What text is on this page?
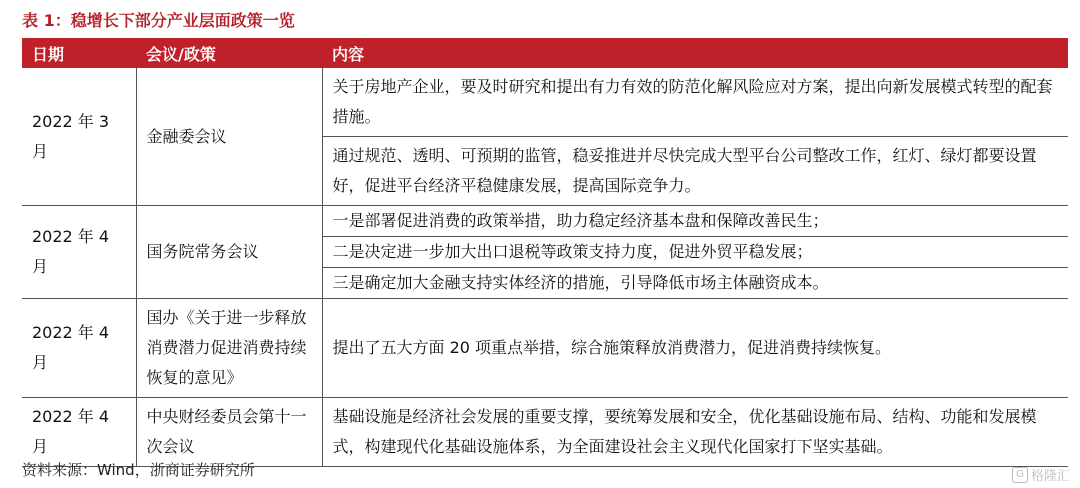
表 1：稳增长下部分产业层面政策一览
日期	会议/政策	内容
2022 年 3 月	金融委会议	关于房地产企业，要及时研究和提出有力有效的防范化解风险应对方案，提出向新发展模式转型的配套措施。
		通过规范、透明、可预期的监管，稳妥推进并尽快完成大型平台公司整改工作，红灯、绿灯都要设置好，促进平台经济平稳健康发展，提高国际竞争力。
2022 年 4 月	国务院常务会议	一是部署促进消费的政策举措，助力稳定经济基本盘和保障改善民生；
		二是决定进一步加大出口退税等政策支持力度，促进外贸平稳发展；
		三是确定加大金融支持实体经济的措施，引导降低市场主体融资成本。
2022 年 4 月	国办《关于进一步释放消费潜力促进消费持续恢复的意见》	提出了五大方面 20 项重点举措，综合施策释放消费潜力，促进消费持续恢复。
2022 年 4 月	中央财经委员会第十一次会议	基础设施是经济社会发展的重要支撑，要统筹发展和安全，优化基础设施布局、结构、功能和发展模式，构建现代化基础设施体系，为全面建设社会主义现代化国家打下坚实基础。
资料来源：Wind，浙商证券研究所	G 格隆汇
